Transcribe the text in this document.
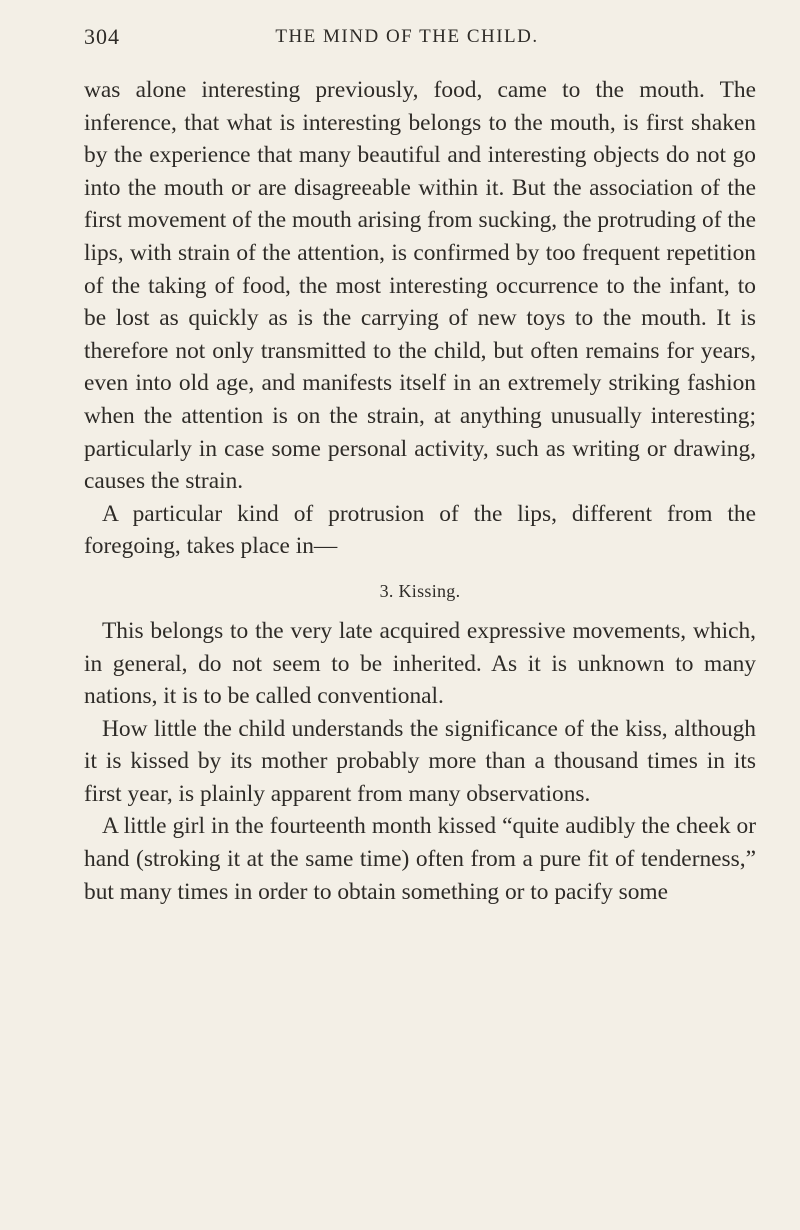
304	THE MIND OF THE CHILD.

was alone interesting previously, food, came to the mouth. The inference, that what is interesting belongs to the mouth, is first shaken by the experience that many beautiful and interesting objects do not go into the mouth or are disagreeable within it. But the association of the first movement of the mouth arising from sucking, the protruding of the lips, with strain of the attention, is confirmed by too frequent repetition of the taking of food, the most interesting occurrence to the infant, to be lost as quickly as is the carrying of new toys to the mouth. It is therefore not only transmitted to the child, but often remains for years, even into old age, and manifests itself in an extremely striking fashion when the attention is on the strain, at anything unusually interesting; particularly in case some personal activity, such as writing or drawing, causes the strain.

A particular kind of protrusion of the lips, different from the foregoing, takes place in—

3. Kissing.

This belongs to the very late acquired expressive movements, which, in general, do not seem to be inherited. As it is unknown to many nations, it is to be called conventional.

How little the child understands the significance of the kiss, although it is kissed by its mother probably more than a thousand times in its first year, is plainly apparent from many observations.

A little girl in the fourteenth month kissed “quite audibly the cheek or hand (stroking it at the same time) often from a pure fit of tenderness,” but many times in order to obtain something or to pacify some
